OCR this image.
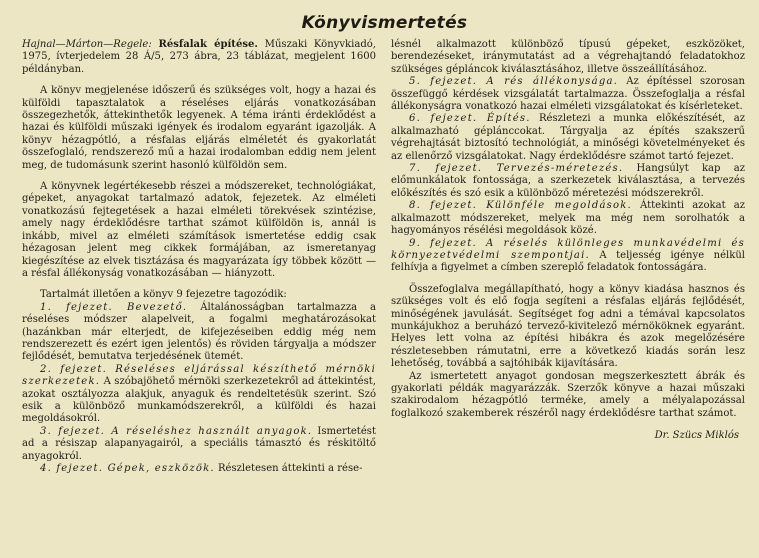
Könyvismertetés

Hajnal—Márton—Regele: Résfalak építése. Műszaki Könyvkiadó, 1975, ívterjedelem 28 Á/5, 273 ábra, 23 táblázat, megjelent 1600 példányban.

A könyv megjelenése időszerű és szükséges volt, hogy a hazai és külföldi tapasztalatok a réseléses eljárás vonatkozásában összegezhetők, áttekinthetők legyenek. A téma iránti érdeklődést a hazai és külföldi műszaki igények és irodalom egyaránt igazolják. A könyv hézagpótló, a résfalas eljárás elméletét és gyakorlatát összefoglaló, rendszerező mű a hazai irodalomban eddig nem jelent meg, de tudomásunk szerint hasonló külföldön sem.

A könyvnek legértékesebb részei a módszereket, technológiákat, gépeket, anyagokat tartalmazó adatok, fejezetek. Az elméleti vonatkozású fejtegetések a hazai elméleti törekvések szintézise, amely nagy érdeklődésre tarthat számot külföldön is, annál is inkább, mivel az elméleti számítások ismertetése eddig csak hézagosan jelent meg cikkek formájában, az ismeretanyag kiegészítése az elvek tisztázása és magyarázata így többek között — a résfal állékonyság vonatkozásában — hiányzott.

Tartalmát illetően a könyv 9 fejezetre tagozódik:

1. fejezet. Bevezető. Általánosságban tartalmazza a réseléses módszer alapelveit, a fogalmi meghatározásokat (hazánkban már elterjedt, de kifejezéseiben eddig még nem rendszerezett és ezért igen jelentős) és röviden tárgyalja a módszer fejlődését, bemutatva terjedésének ütemét.

2. fejezet. Réseléses eljárással készíthető mérnöki szerkezetek. A szóbajöhető mérnöki szerkezetekről ad áttekintést, azokat osztályozza alakjuk, anyaguk és rendeltetésük szerint. Szó esik a különböző munkamódszerekről, a külföldi és hazai megoldásokról.

3. fejezet. A réseléshez használt anyagok. Ismertetést ad a résiszap alapanyagairól, a speciális támasztó és réskitöltő anyagokról.

4. fejezet. Gépek, eszközök. Részletesen áttekinti a rése-

lésnél alkalmazott különböző típusú gépeket, eszközöket, berendezéseket, iránymutatást ad a végrehajtandó feladatokhoz szükséges gépláncok kiválasztásához, illetve összeállításához.

5. fejezet. A rés állékonysága. Az építéssel szorosan összefüggő kérdések vizsgálatát tartalmazza. Összefoglalja a résfal állékonyságra vonatkozó hazai elméleti vizsgálatokat és kísérleteket.

6. fejezet. Építés. Részletezi a munka előkészítését, az alkalmazható géplánccokat. Tárgyalja az építés szakszerű végrehajtását biztosító technológiát, a minőségi követelményeket és az ellenőrző vizsgálatokat. Nagy érdeklődésre számot tartó fejezet.

7. fejezet. Tervezés-méretezés. Hangsúlyt kap az előmunkálatok fontossága, a szerkezetek kiválasztása, a tervezés előkészítés és szó esik a különböző méretezési módszerekről.

8. fejezet. Különféle megoldások. Áttekinti azokat az alkalmazott módszereket, melyek ma még nem sorolhatók a hagyományos résélési megoldások közé.

9. fejezet. A réselés különleges munkavédelmi és környezetvédelmi szempontjai. A teljesség igénye nélkül felhívja a figyelmet a címben szereplő feladatok fontosságára.

Összefoglalva megállapítható, hogy a könyv kiadása hasznos és szükséges volt és elő fogja segíteni a résfalas eljárás fejlődését, minőségének javulását. Segítséget fog adni a témával kapcsolatos munkájukhoz a beruházó tervező-kivitelező mérnököknek egyaránt. Helyes lett volna az építési hibákra és azok megelőzésére részletesebben rámutatni, erre a következő kiadás során lesz lehetőség, továbbá a sajtóhibák kijavítására.

Az ismertetett anyagot gondosan megszerkesztett ábrák és gyakorlati példák magyarázzák. Szerzők könyve a hazai műszaki szakirodalom hézagpótló terméke, amely a mélyalapozással foglalkozó szakemberek részéről nagy érdeklődésre tarthat számot.

Dr. Szücs Miklós
